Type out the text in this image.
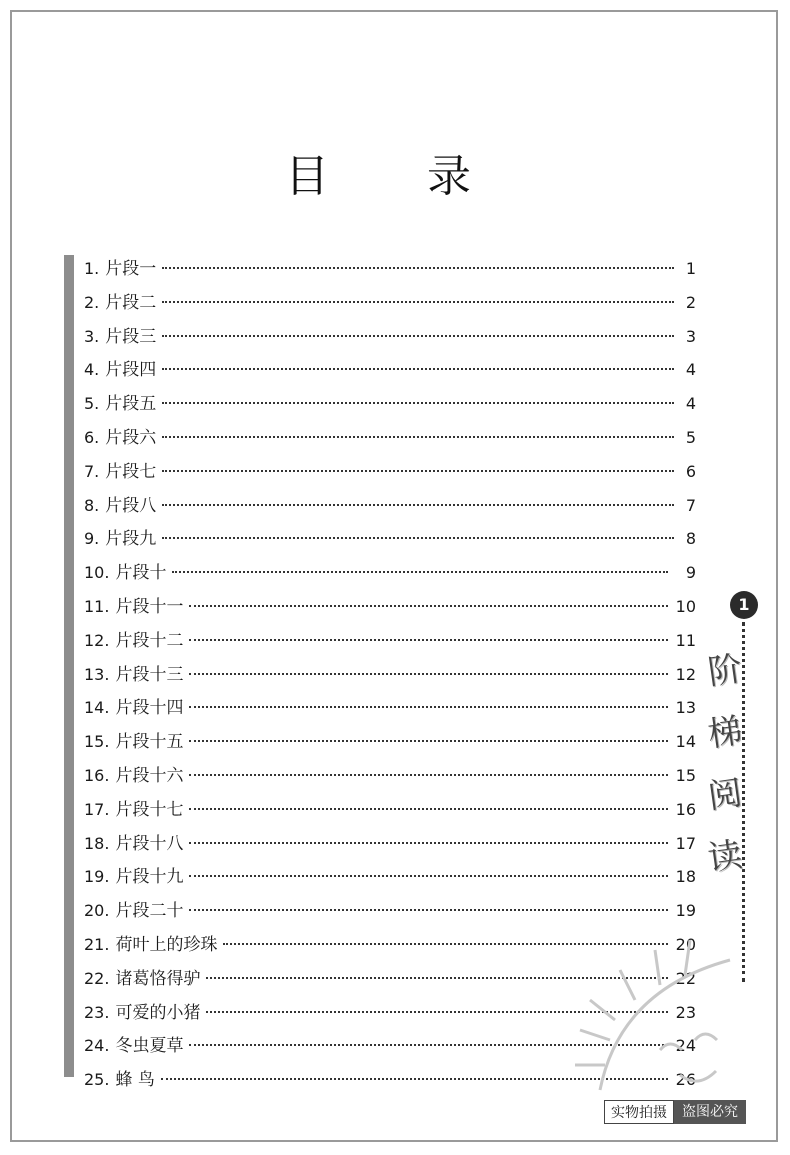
目 录
1. 片段一	1
2. 片段二	2
3. 片段三	3
4. 片段四	4
5. 片段五	4
6. 片段六	5
7. 片段七	6
8. 片段八	7
9. 片段九	8
10. 片段十	9
11. 片段十一	10
12. 片段十二	11
13. 片段十三	12
14. 片段十四	13
15. 片段十五	14
16. 片段十六	15
17. 片段十七	16
18. 片段十八	17
19. 片段十九	18
20. 片段二十	19
21. 荷叶上的珍珠	20
22. 诸葛恪得驴	22
23. 可爱的小猪	23
24. 冬虫夏草	24
25. 蜂 鸟	26
1
阶
梯
阅
读
实物拍摄	盗图必究
